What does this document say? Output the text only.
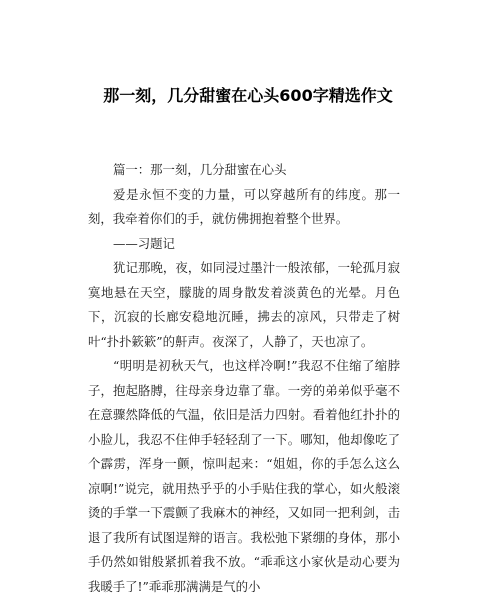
那一刻，几分甜蜜在心头600字精选作文

篇一：那一刻，几分甜蜜在心头

爱是永恒不变的力量，可以穿越所有的纬度。那一刻，我牵着你们的手，就仿佛拥抱着整个世界。

——习题记

犹记那晚，夜，如同浸过墨汁一般浓郁，一轮孤月寂寞地悬在天空，朦胧的周身散发着淡黄色的光晕。月色下，沉寂的长廊安稳地沉睡，拂去的凉风，只带走了树叶“扑扑簌簌”的鼾声。夜深了，人静了，天也凉了。

“明明是初秋天气，也这样冷啊!”我忍不住缩了缩脖子，抱起胳膊，往母亲身边靠了靠。一旁的弟弟似乎毫不在意骤然降低的气温，依旧是活力四射。看着他红扑扑的小脸儿，我忍不住伸手轻轻刮了一下。哪知，他却像吃了个霹雳，浑身一颤，惊叫起来：“姐姐，你的手怎么这么凉啊!”说完，就用热乎乎的小手贴住我的掌心，如火般滚烫的手掌一下震颤了我麻木的神经，又如同一把利剑，击退了我所有试图逞辩的语言。我松弛下紧绷的身体，那小手仍然如钳般紧抓着我不放。“乖乖这小家伙是动心要为我暖手了!”乖乖那满满是气的小
